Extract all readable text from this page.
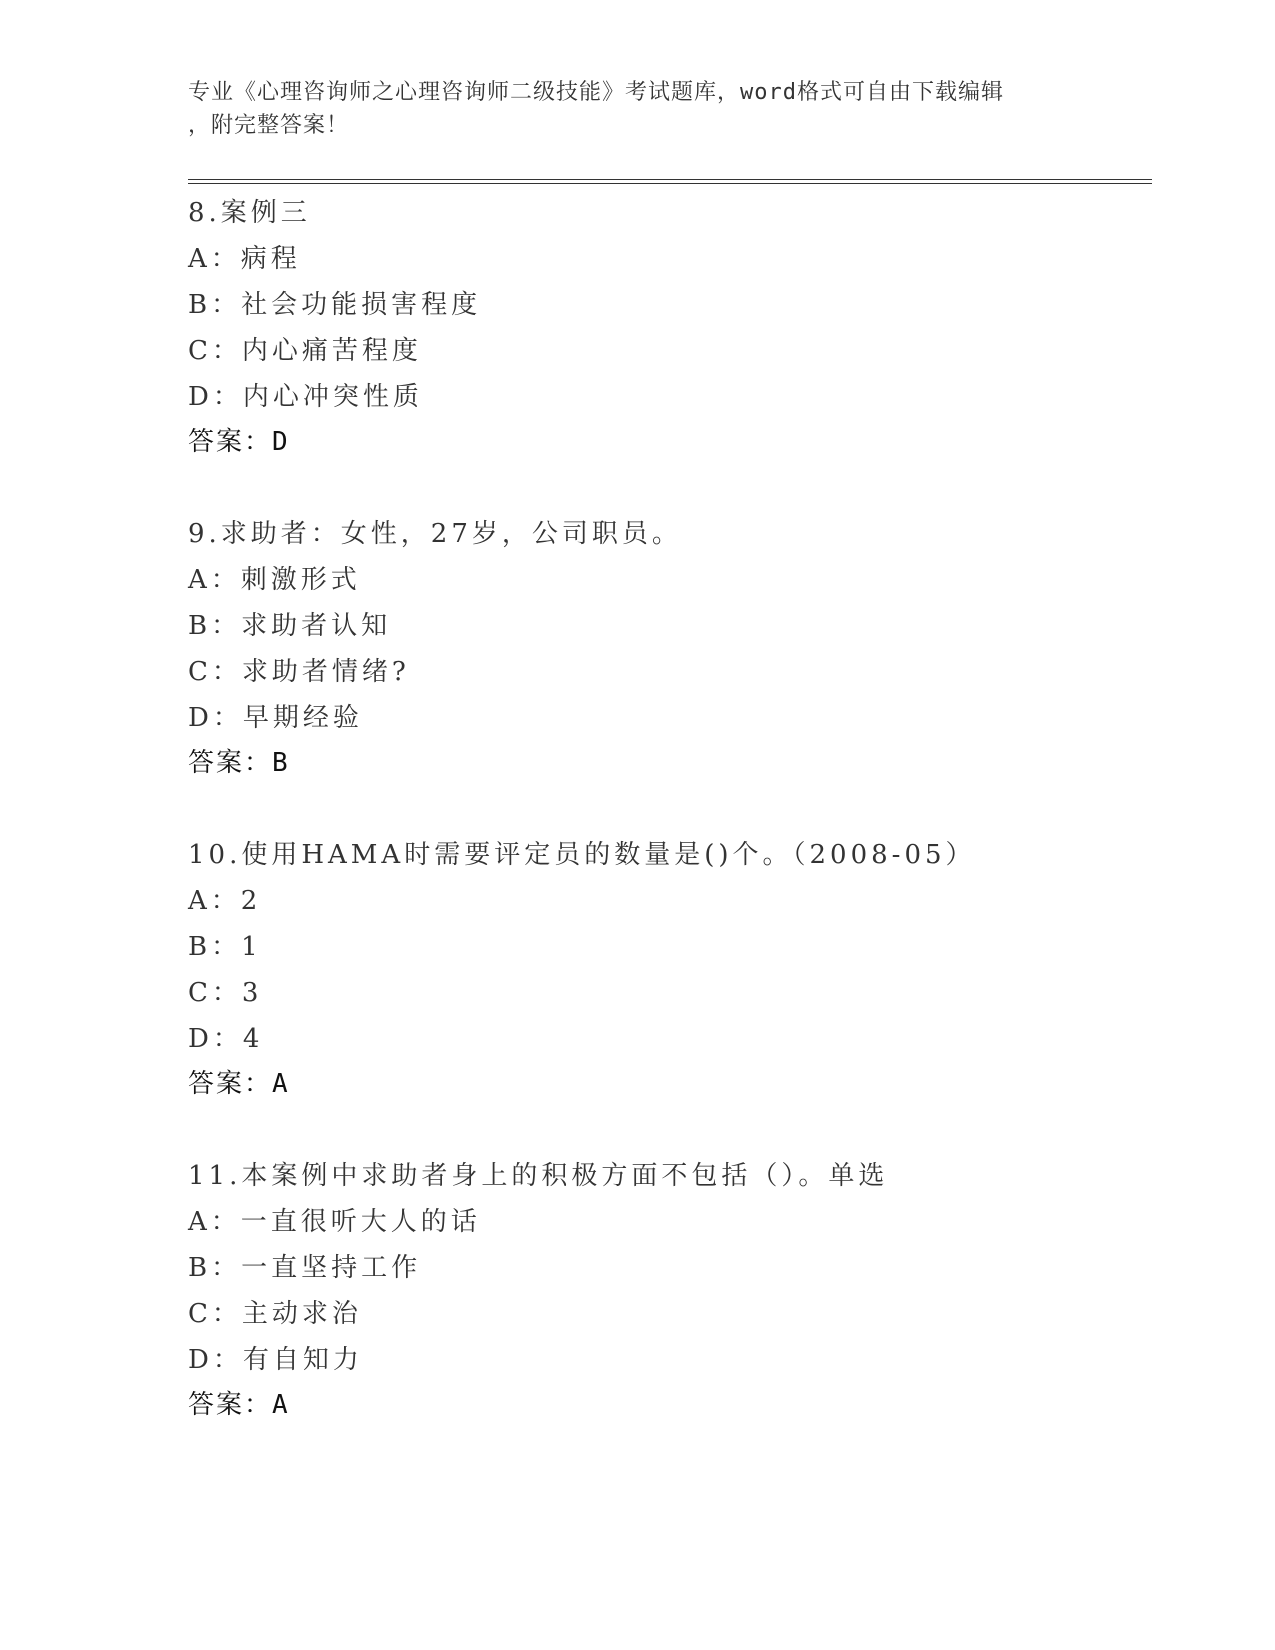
专业《心理咨询师之心理咨询师二级技能》考试题库，word格式可自由下载编辑
，附完整答案！
8.案例三
A：病程
B：社会功能损害程度
C：内心痛苦程度
D：内心冲突性质
答案：D
9.求助者：女性，27岁，公司职员。
A：刺激形式
B：求助者认知
C：求助者情绪?
D：早期经验
答案：B
10.使用HAMA时需要评定员的数量是()个。（2008-05）
A：2
B：1
C：3
D：4
答案：A
11.本案例中求助者身上的积极方面不包括（）。单选
A：一直很听大人的话
B：一直坚持工作
C：主动求治
D：有自知力
答案：A
